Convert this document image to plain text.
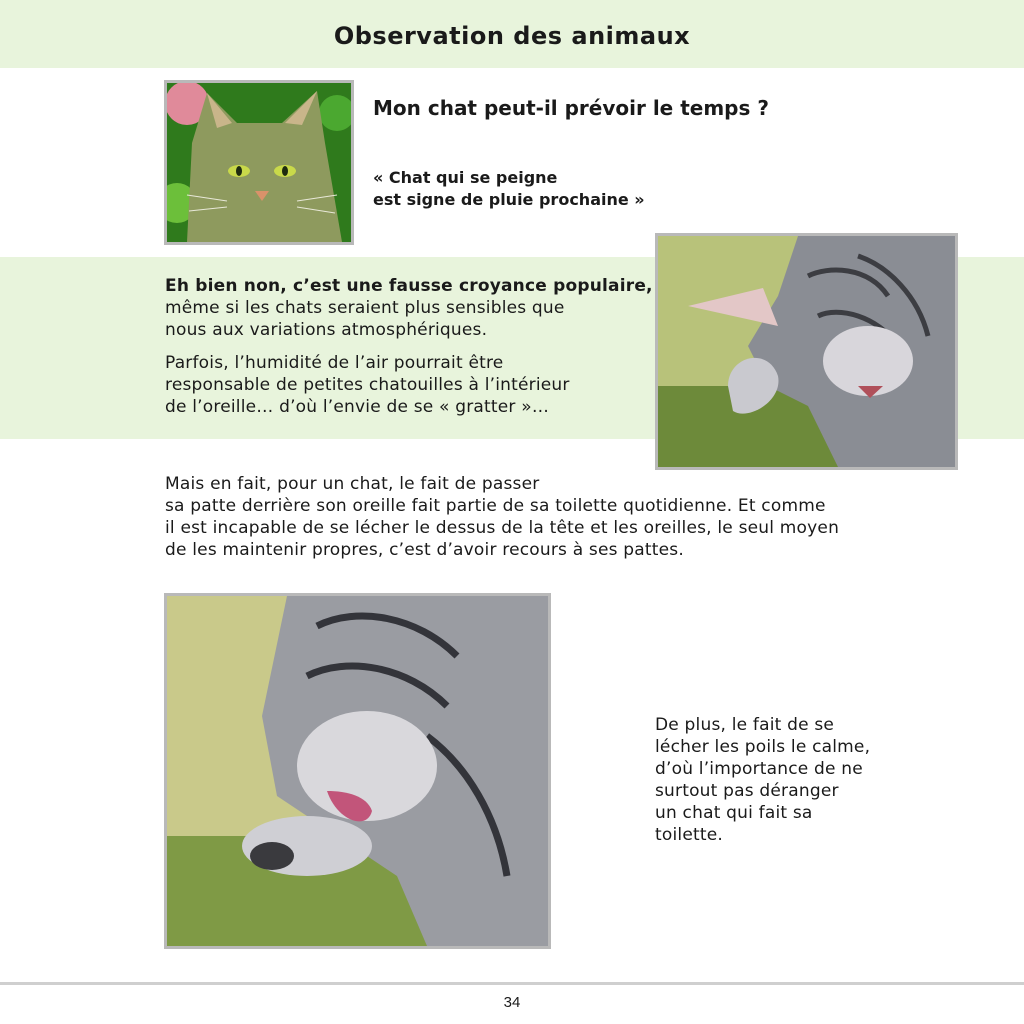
Observation des animaux
Mon chat peut-il prévoir le temps ?
« Chat qui se peigne
est signe de pluie prochaine »
Eh bien non, c’est une fausse croyance populaire,
même si les chats seraient plus sensibles que
nous aux variations atmosphériques.
Parfois, l’humidité de l’air pourrait être
responsable de petites chatouilles à l’intérieur
de l’oreille… d’où l’envie de se « gratter »…
Mais en fait, pour un chat, le fait de passer
sa patte derrière son oreille fait partie de sa toilette quotidienne. Et comme
il est incapable de se lécher le dessus de la tête et les oreilles, le seul moyen
de les maintenir propres, c’est d’avoir recours à ses pattes.
De plus, le fait de se
lécher les poils le calme,
d’où l’importance de ne
surtout pas déranger
un chat qui fait sa
toilette.
34
